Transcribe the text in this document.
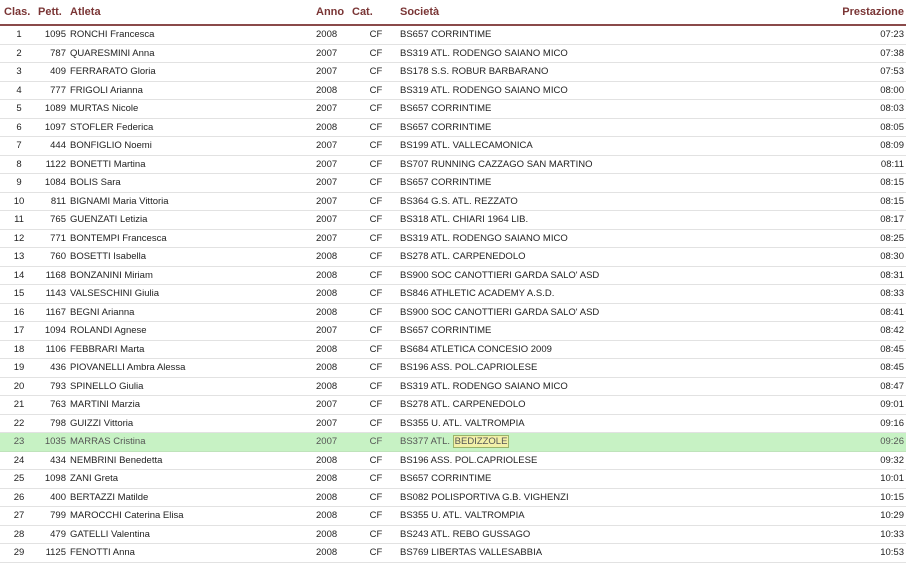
Clas.	Pett.	Atleta	Anno	Cat.	Società	Prestazione
1	1095	RONCHI Francesca	2008	CF	BS657 CORRINTIME	07:23
2	787	QUARESMINI Anna	2007	CF	BS319 ATL. RODENGO SAIANO MICO	07:38
3	409	FERRARATO Gloria	2007	CF	BS178 S.S. ROBUR BARBARANO	07:53
4	777	FRIGOLI Arianna	2008	CF	BS319 ATL. RODENGO SAIANO MICO	08:00
5	1089	MURTAS Nicole	2007	CF	BS657 CORRINTIME	08:03
6	1097	STOFLER Federica	2008	CF	BS657 CORRINTIME	08:05
7	444	BONFIGLIO Noemi	2007	CF	BS199 ATL. VALLECAMONICA	08:09
8	1122	BONETTI Martina	2007	CF	BS707 RUNNING CAZZAGO SAN MARTINO	08:11
9	1084	BOLIS Sara	2007	CF	BS657 CORRINTIME	08:15
10	811	BIGNAMI Maria Vittoria	2007	CF	BS364 G.S. ATL. REZZATO	08:15
11	765	GUENZATI Letizia	2007	CF	BS318 ATL. CHIARI 1964 LIB.	08:17
12	771	BONTEMPI Francesca	2007	CF	BS319 ATL. RODENGO SAIANO MICO	08:25
13	760	BOSETTI Isabella	2008	CF	BS278 ATL. CARPENEDOLO	08:30
14	1168	BONZANINI Miriam	2008	CF	BS900 SOC CANOTTIERI GARDA SALO' ASD	08:31
15	1143	VALSESCHINI Giulia	2008	CF	BS846 ATHLETIC ACADEMY A.S.D.	08:33
16	1167	BEGNI Arianna	2008	CF	BS900 SOC CANOTTIERI GARDA SALO' ASD	08:41
17	1094	ROLANDI Agnese	2007	CF	BS657 CORRINTIME	08:42
18	1106	FEBBRARI Marta	2008	CF	BS684 ATLETICA CONCESIO 2009	08:45
19	436	PIOVANELLI Ambra Alessa	2008	CF	BS196 ASS. POL.CAPRIOLESE	08:45
20	793	SPINELLO Giulia	2008	CF	BS319 ATL. RODENGO SAIANO MICO	08:47
21	763	MARTINI Marzia	2007	CF	BS278 ATL. CARPENEDOLO	09:01
22	798	GUIZZI Vittoria	2007	CF	BS355 U. ATL. VALTROMPIA	09:16
23	1035	MARRAS Cristina	2007	CF	BS377 ATL. BEDIZZOLE	09:26
24	434	NEMBRINI Benedetta	2008	CF	BS196 ASS. POL.CAPRIOLESE	09:32
25	1098	ZANI Greta	2008	CF	BS657 CORRINTIME	10:01
26	400	BERTAZZI Matilde	2008	CF	BS082 POLISPORTIVA G.B. VIGHENZI	10:15
27	799	MAROCCHI Caterina Elisa	2008	CF	BS355 U. ATL. VALTROMPIA	10:29
28	479	GATELLI Valentina	2008	CF	BS243 ATL. REBO GUSSAGO	10:33
29	1125	FENOTTI Anna	2008	CF	BS769 LIBERTAS VALLESABBIA	10:53
